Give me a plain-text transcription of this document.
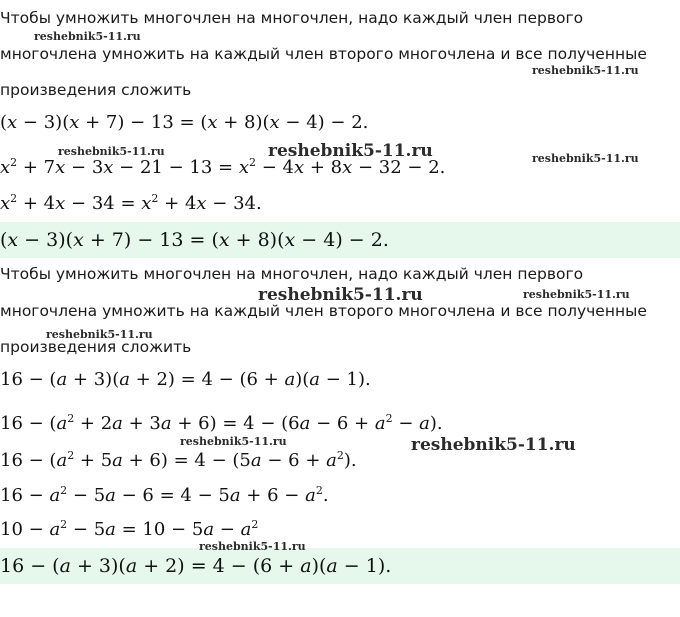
Чтобы умножить многочлен на многочлен, надо каждый член первого
многочлена умножить на каждый член второго многочлена и все полученные
произведения сложить
(x − 3)(x + 7) − 13 = (x + 8)(x − 4) − 2.
$x^2 + 7x - 3x - 21 - 13 = x^2 - 4x + 8x - 32 - 2$.
$x^2 + 4x - 34 = x^2 + 4x - 34$.
(x − 3)(x + 7) − 13 = (x + 8)(x − 4) − 2.
Чтобы умножить многочлен на многочлен, надо каждый член первого
многочлена умножить на каждый член второго многочлена и все полученные
произведения сложить
16 − (a + 3)(a + 2) = 4 − (6 + a)(a − 1).
$16 - (a^2 + 2a + 3a + 6) = 4 - (6a - 6 + a^2 - a)$.
$16 - (a^2 + 5a + 6) = 4 - (5a - 6 + a^2)$.
$16 - a^2 - 5a - 6 = 4 - 5a + 6 - a^2$.
$10 - a^2 - 5a = 10 - 5a - a^2$
16 − (a + 3)(a + 2) = 4 − (6 + a)(a − 1).
reshebnik5-11.ru
reshebnik5-11.ru
reshebnik5-11.ru	reshebnik5-11.ru	reshebnik5-11.ru
reshebnik5-11.ru	reshebnik5-11.ru
reshebnik5-11.ru
reshebnik5-11.ru	reshebnik5-11.ru
reshebnik5-11.ru
